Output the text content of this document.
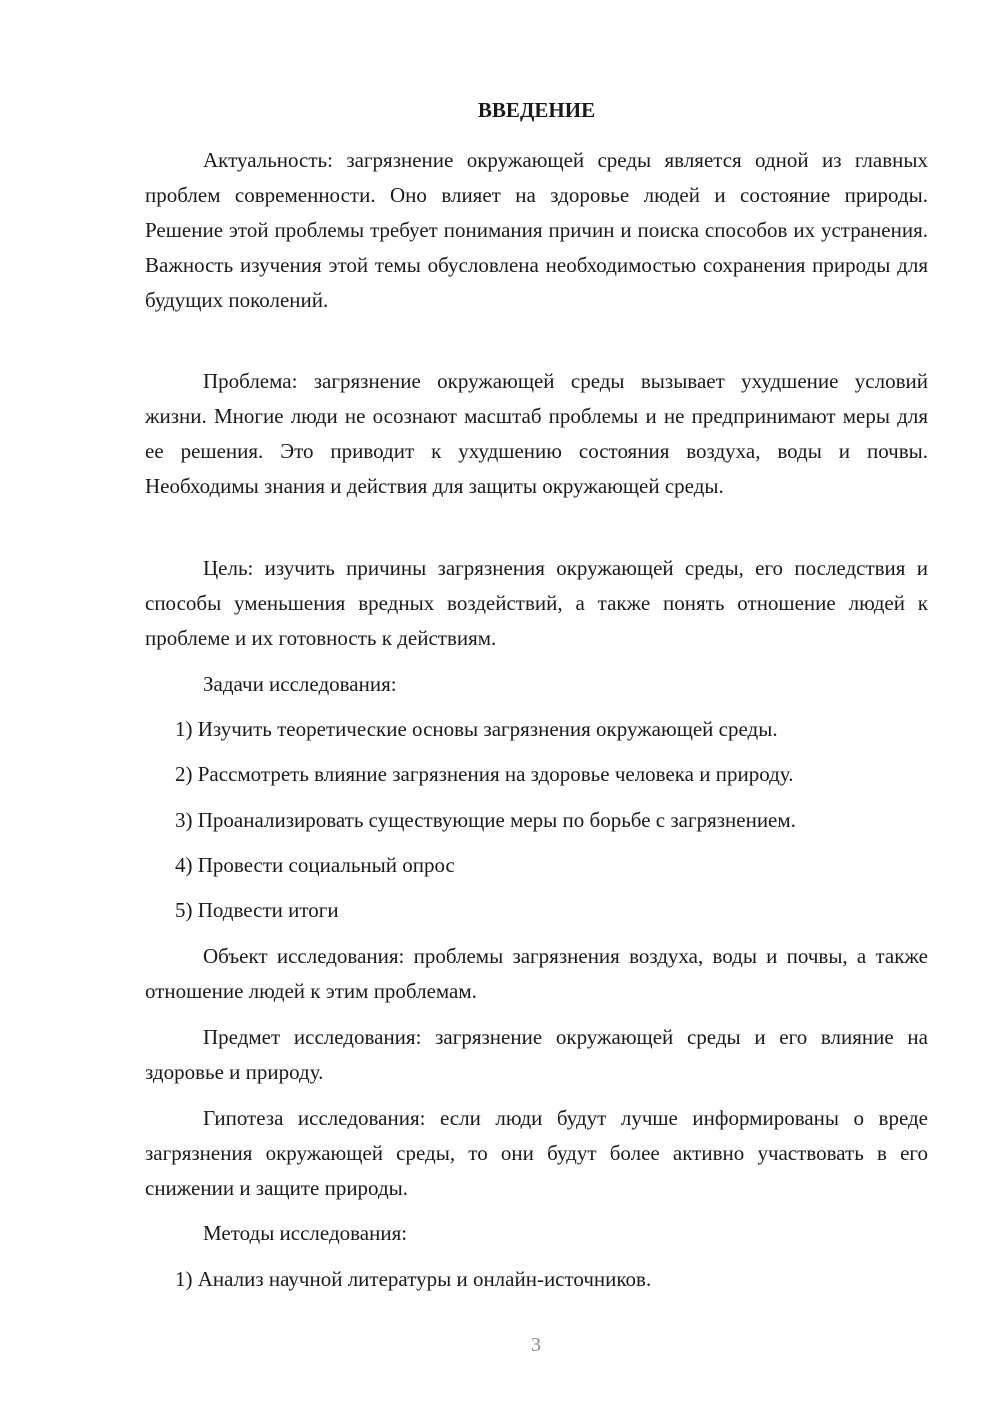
ВВЕДЕНИЕ

Актуальность: загрязнение окружающей среды является одной из главных проблем современности. Оно влияет на здоровье людей и состояние природы. Решение этой проблемы требует понимания причин и поиска способов их устранения. Важность изучения этой темы обусловлена необходимостью сохранения природы для будущих поколений.

Проблема: загрязнение окружающей среды вызывает ухудшение условий жизни. Многие люди не осознают масштаб проблемы и не предпринимают меры для ее решения. Это приводит к ухудшению состояния воздуха, воды и почвы. Необходимы знания и действия для защиты окружающей среды.

Цель: изучить причины загрязнения окружающей среды, его последствия и способы уменьшения вредных воздействий, а также понять отношение людей к проблеме и их готовность к действиям.

Задачи исследования:

1) Изучить теоретические основы загрязнения окружающей среды.

2) Рассмотреть влияние загрязнения на здоровье человека и природу.

3) Проанализировать существующие меры по борьбе с загрязнением.

4) Провести социальный опрос

5) Подвести итоги

Объект исследования: проблемы загрязнения воздуха, воды и почвы, а также отношение людей к этим проблемам.

Предмет исследования: загрязнение окружающей среды и его влияние на здоровье и природу.

Гипотеза исследования: если люди будут лучше информированы о вреде загрязнения окружающей среды, то они будут более активно участвовать в его снижении и защите природы.

Методы исследования:

1) Анализ научной литературы и онлайн-источников.

3
